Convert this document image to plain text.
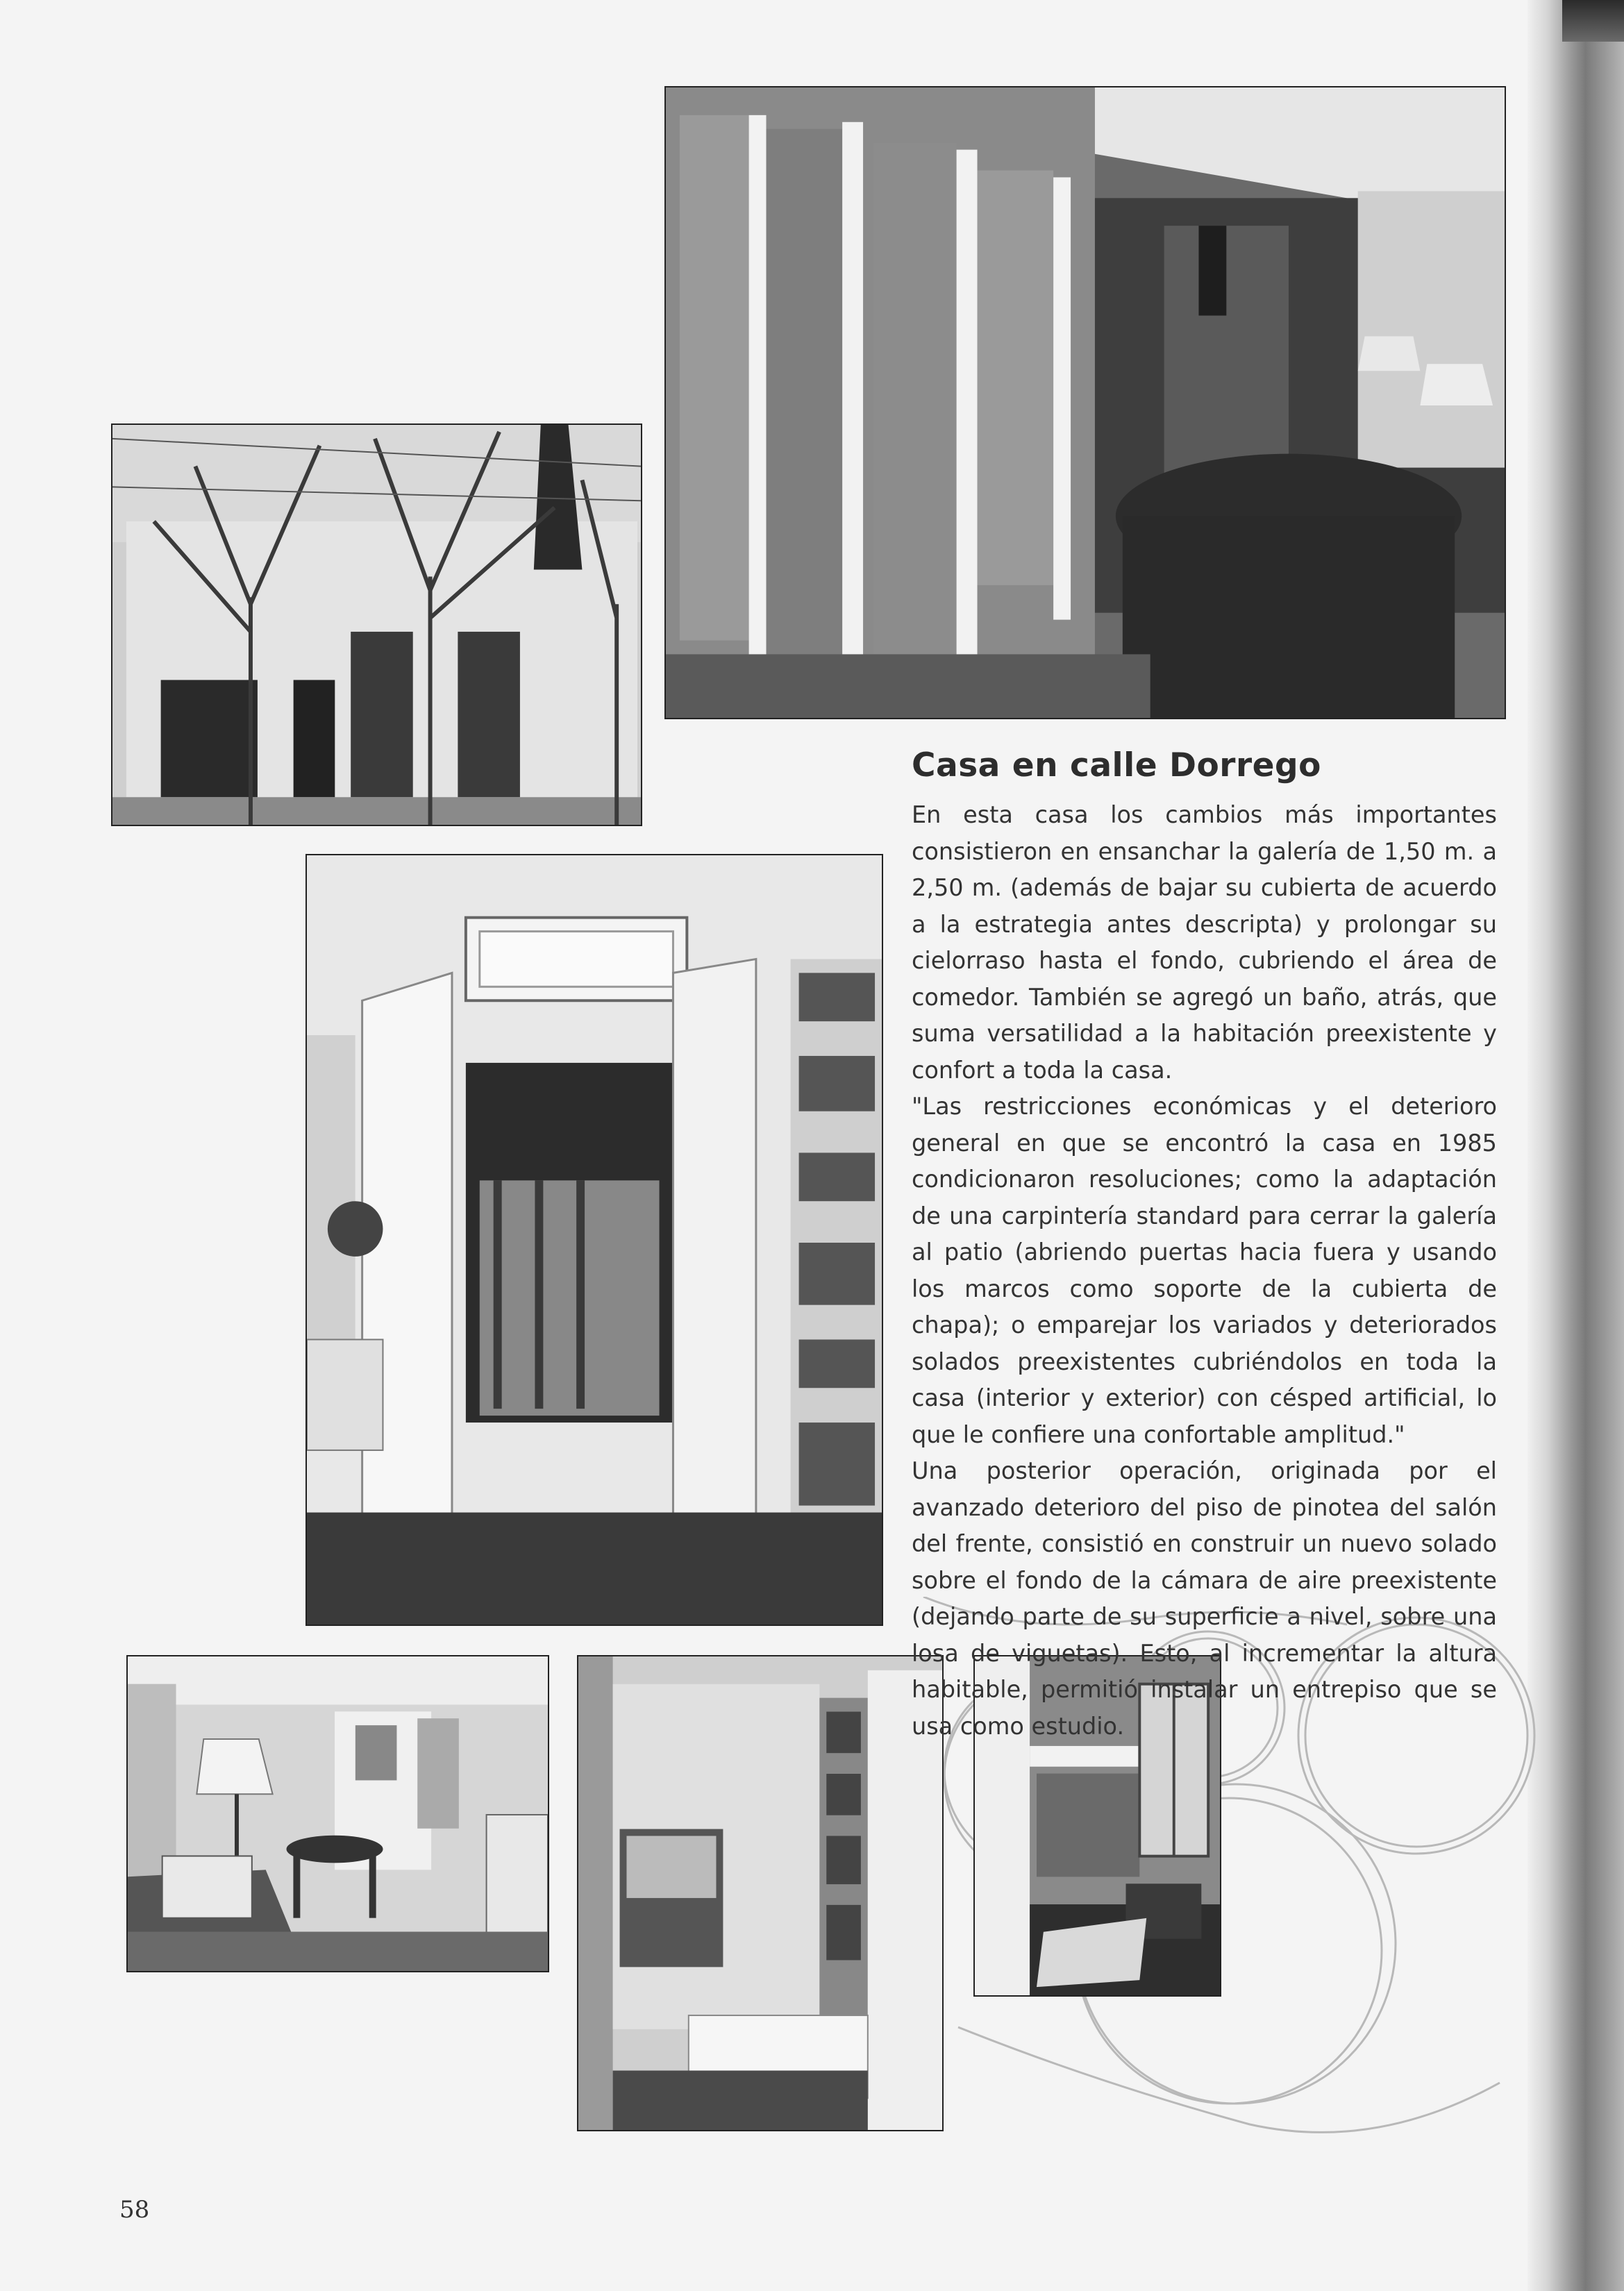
Casa en calle Dorrego

En esta casa los cambios más importantes consistieron en ensanchar la galería de 1,50 m. a 2,50 m. (además de bajar su cubierta de acuerdo a la estrategia antes descripta) y prolongar su cielorraso hasta el fondo, cubriendo el área de comedor. También se agregó un baño, atrás, que suma versatilidad a la habitación preexistente y confort a toda la casa.

"Las restricciones económicas y el deterioro general en que se encontró la casa en 1985 condicionaron resoluciones; como la adaptación de una carpintería standard para cerrar la galería al patio (abriendo puertas hacia fuera y usando los marcos como soporte de la cubierta de chapa); o emparejar los variados y deteriorados solados preexistentes cubriéndolos en toda la casa (interior y exterior) con césped artificial, lo que le confiere una confortable amplitud."

Una posterior operación, originada por el avanzado deterioro del piso de pinotea del salón del frente, consistió en construir un nuevo solado sobre el fondo de la cámara de aire preexistente (dejando parte de su superficie a nivel, sobre una losa de viguetas). Esto, al incrementar la altura habitable, permitió instalar un entrepiso que se usa como estudio.

58
